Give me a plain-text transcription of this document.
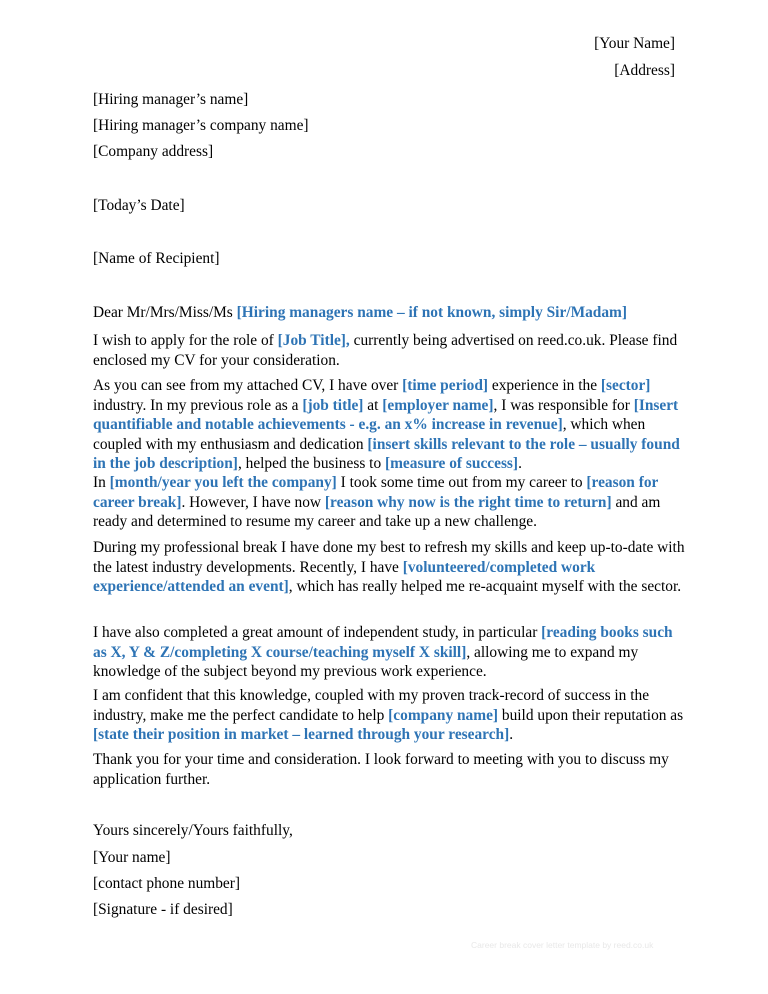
[Your Name]
[Address]
[Hiring manager’s name]
[Hiring manager’s company name]
[Company address]
[Today’s Date]
[Name of Recipient]
Dear Mr/Mrs/Miss/Ms [Hiring managers name – if not known, simply Sir/Madam]
I wish to apply for the role of [Job Title], currently being advertised on reed.co.uk. Please find enclosed my CV for your consideration.
As you can see from my attached CV, I have over [time period] experience in the [sector] industry. In my previous role as a [job title] at [employer name], I was responsible for [Insert quantifiable and notable achievements - e.g. an x% increase in revenue], which when coupled with my enthusiasm and dedication [insert skills relevant to the role – usually found in the job description], helped the business to [measure of success].
In [month/year you left the company] I took some time out from my career to [reason for career break]. However, I have now [reason why now is the right time to return] and am ready and determined to resume my career and take up a new challenge.
During my professional break I have done my best to refresh my skills and keep up-to-date with the latest industry developments. Recently, I have [volunteered/completed work experience/attended an event], which has really helped me re-acquaint myself with the sector.
I have also completed a great amount of independent study, in particular [reading books such as X, Y & Z/completing X course/teaching myself X skill], allowing me to expand my knowledge of the subject beyond my previous work experience.
I am confident that this knowledge, coupled with my proven track-record of success in the industry, make me the perfect candidate to help [company name] build upon their reputation as [state their position in market – learned through your research].
Thank you for your time and consideration. I look forward to meeting with you to discuss my application further.
Yours sincerely/Yours faithfully,
[Your name]
[contact phone number]
[Signature - if desired]
Career break cover letter template by reed.co.uk
